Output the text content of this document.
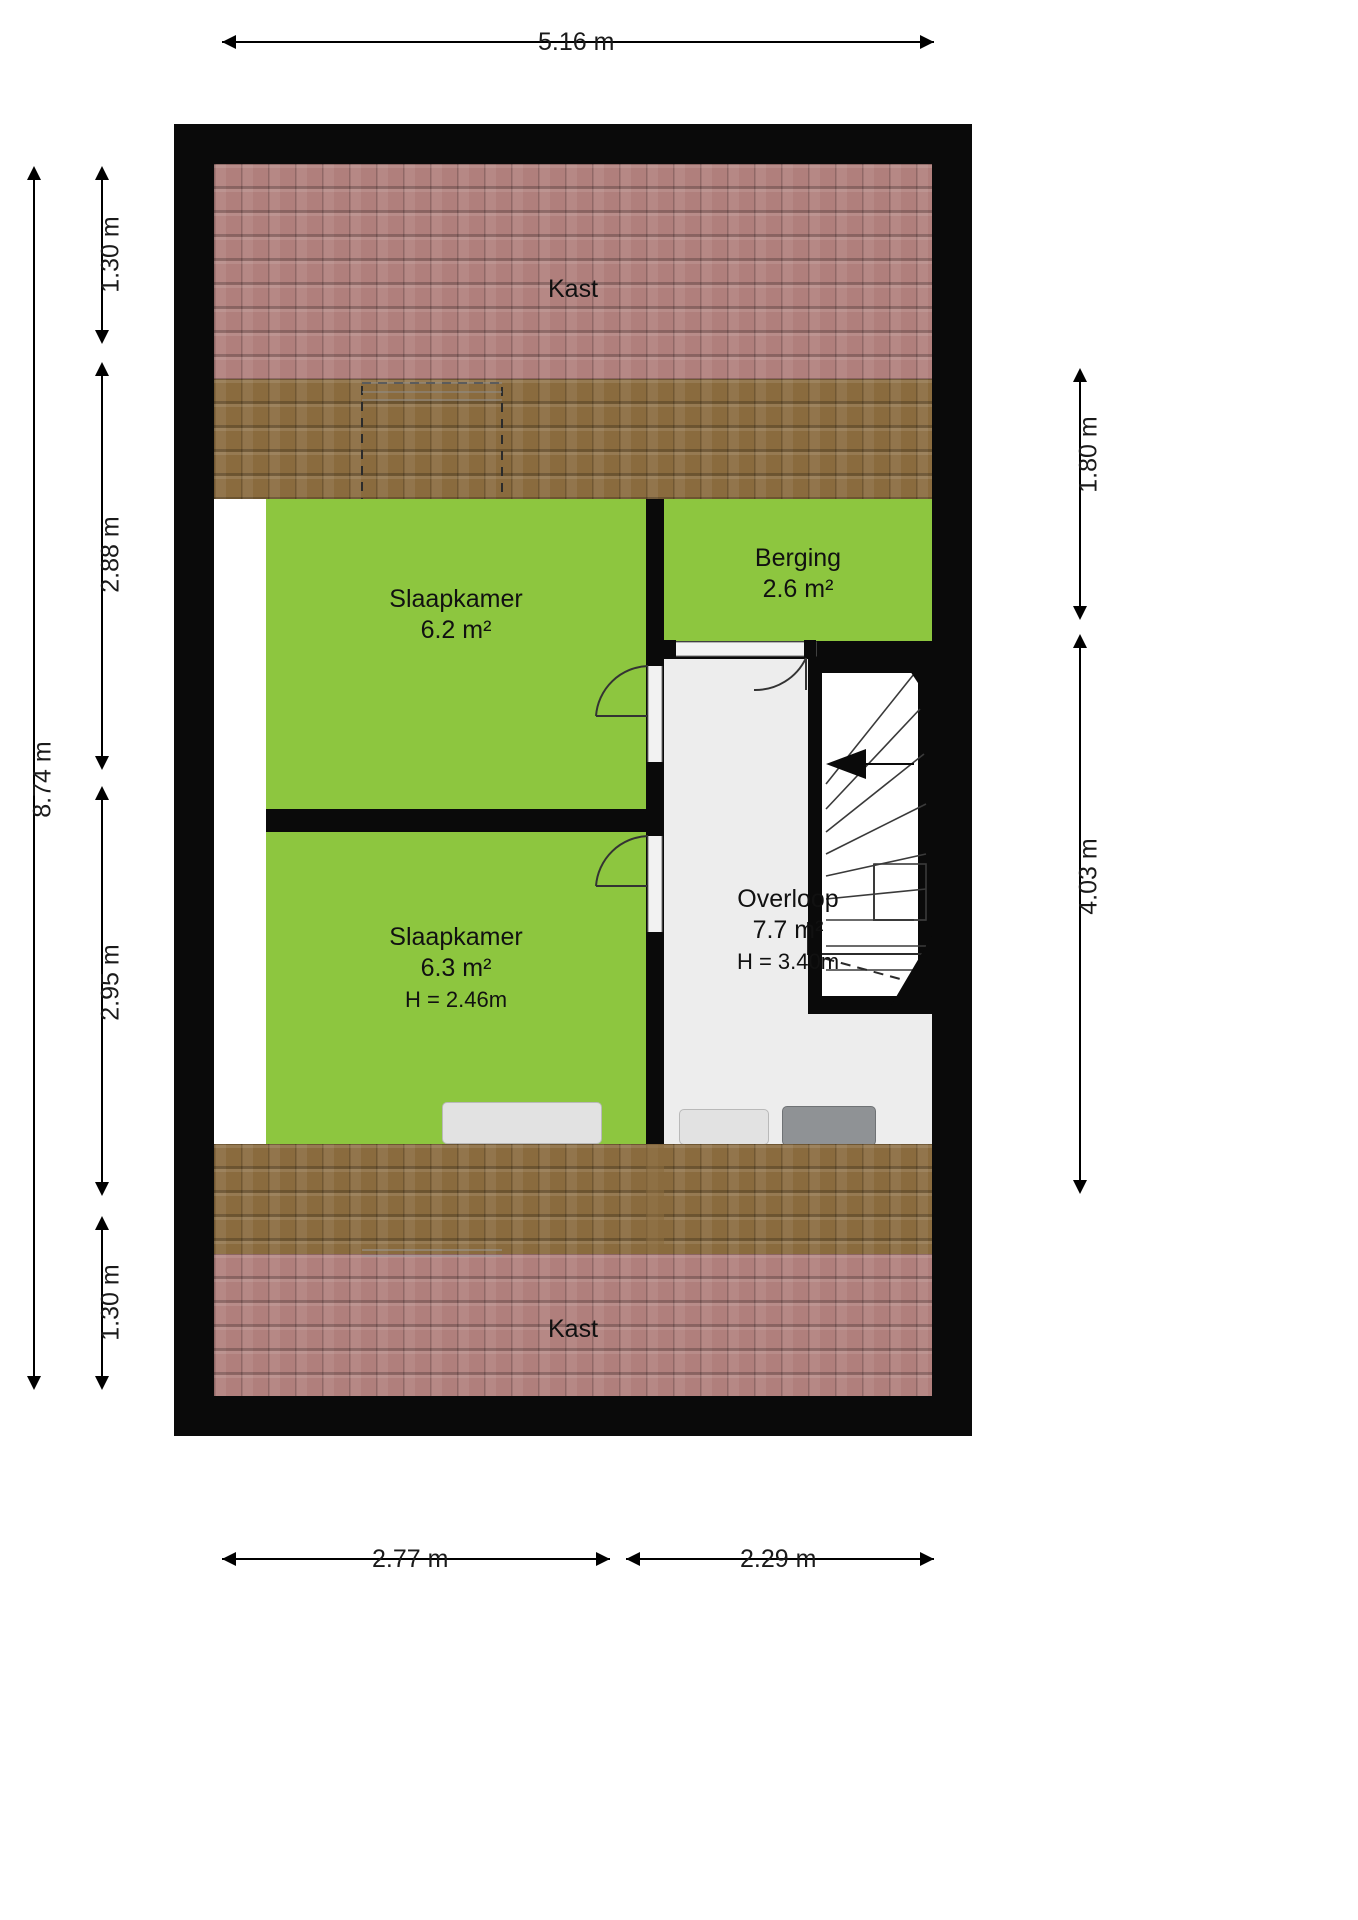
5.16 m
8.74 m
1.30 m
2.88 m
2.95 m
1.30 m
1.80 m
4.03 m
2.77 m	2.29 m
Kast
Kast
Slaapkamer
6.2 m²
Berging
2.6 m²
Slaapkamer
6.3 m²
H = 2.46m
Overloop
7.7 m²
H = 3.40m
